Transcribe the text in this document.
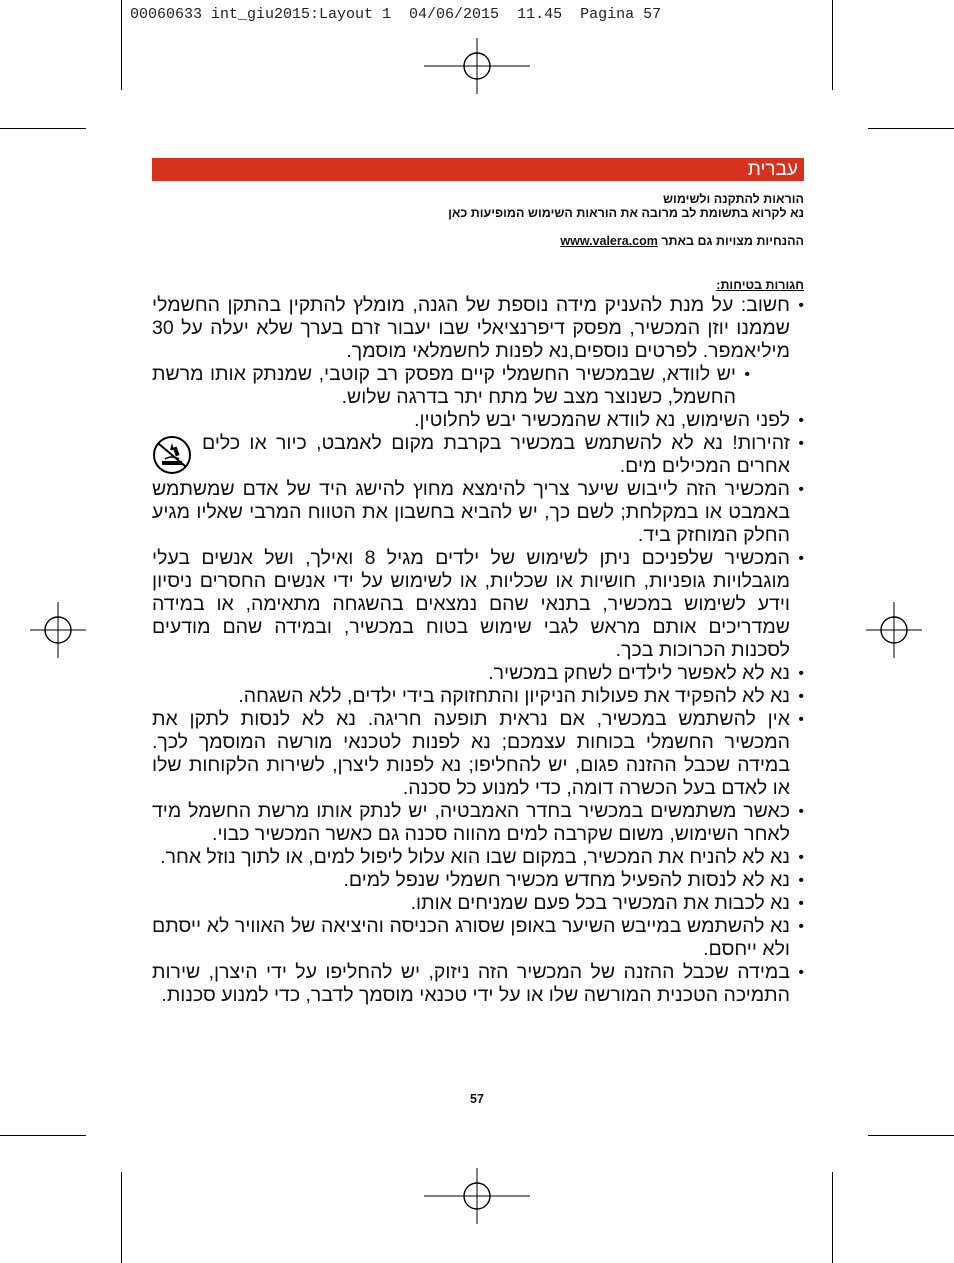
00060633 int_giu2015:Layout 1  04/06/2015  11.45  Pagina 57
עברית

הוראות להתקנה ולשימוש

נא לקרוא בתשומת לב מרובה את הוראות השימוש המופיעות כאן

ההנחיות מצויות גם באתר www.valera.com
חגורות בטיחות:
• חשוב: על מנת להעניק מידה נוספת של הגנה, מומלץ להתקין בהתקן החשמלי שממנו יוזן המכשיר, מפסק דיפרנציאלי שבו יעבור זרם בערך שלא יעלה על 30 מיליאמפר. לפרטים נוספים,נא לפנות לחשמלאי מוסמך.
• יש לוודא, שבמכשיר החשמלי קיים מפסק רב קוטבי, שמנתק אותו מרשת החשמל, כשנוצר מצב של מתח יתר בדרגה שלוש.
• לפני השימוש, נא לוודא שהמכשיר יבש לחלוטין.
• זהירות! נא לא להשתמש במכשיר בקרבת מקום לאמבט, כיור או כלים אחרים המכילים מים.
• המכשיר הזה לייבוש שיער צריך להימצא מחוץ להישג היד של אדם שמשתמש באמבט או במקלחת; לשם כך, יש להביא בחשבון את הטווח המרבי שאליו מגיע החלק המוחזק ביד.
• המכשיר שלפניכם ניתן לשימוש של ילדים מגיל 8 ואילך, ושל אנשים בעלי מוגבלויות גופניות, חושיות או שכליות, או לשימוש על ידי אנשים החסרים ניסיון וידע לשימוש במכשיר, בתנאי שהם נמצאים בהשגחה מתאימה, או במידה שמדריכים אותם מראש לגבי שימוש בטוח במכשיר, ובמידה שהם מודעים לסכנות הכרוכות בכך.
• נא לא לאפשר לילדים לשחק במכשיר.
• נא לא להפקיד את פעולות הניקיון והתחזוקה בידי ילדים, ללא השגחה.
• אין להשתמש במכשיר, אם נראית תופעה חריגה. נא לא לנסות לתקן את המכשיר החשמלי בכוחות עצמכם; נא לפנות לטכנאי מורשה המוסמך לכך. במידה שכבל ההזנה פגום, יש להחליפו; נא לפנות ליצרן, לשירות הלקוחות שלו או לאדם בעל הכשרה דומה, כדי למנוע כל סכנה.
• כאשר משתמשים במכשיר בחדר האמבטיה, יש לנתק אותו מרשת החשמל מיד לאחר השימוש, משום שקרבה למים מהווה סכנה גם כאשר המכשיר כבוי.
• נא לא להניח את המכשיר, במקום שבו הוא עלול ליפול למים, או לתוך נוזל אחר.
• נא לא לנסות להפעיל מחדש מכשיר חשמלי שנפל למים.
• נא לכבות את המכשיר בכל פעם שמניחים אותו.
• נא להשתמש במייבש השיער באופן שסורג הכניסה והיציאה של האוויר לא ייסתם ולא ייחסם.
• במידה שכבל ההזנה של המכשיר הזה ניזוק, יש להחליפו על ידי היצרן, שירות התמיכה הטכנית המורשה שלו או על ידי טכנאי מוסמך לדבר, כדי למנוע סכנות.
57
